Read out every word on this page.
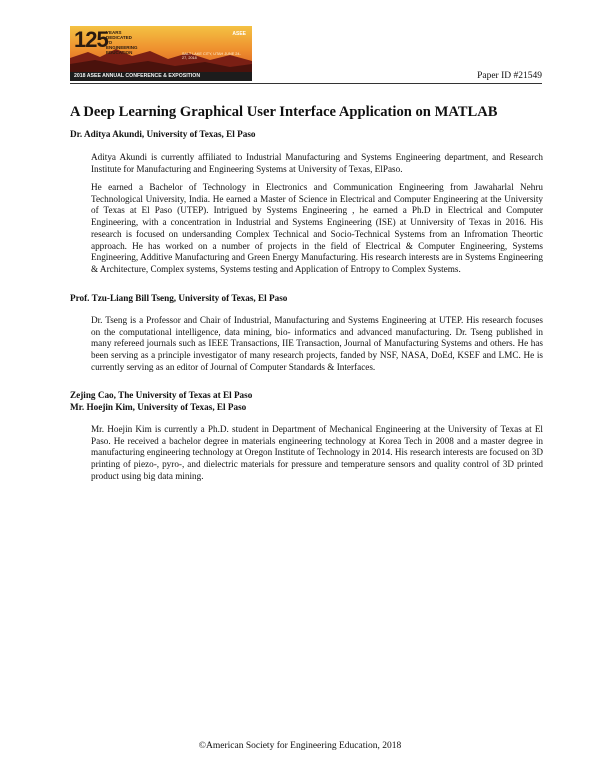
125
YEARS DEDICATED TO ENGINEERING EDUCATION	SALT LAKE CITY, UTAH JUNE 24-27, 2018
ASEE
2018 ASEE ANNUAL CONFERENCE & EXPOSITION	Paper ID #21549
A Deep Learning Graphical User Interface Application on MATLAB

Dr. Aditya Akundi, University of Texas, El Paso

Aditya Akundi is currently affiliated to Industrial Manufacturing and Systems Engineering department, and Research Institute for Manufacturing and Engineering Systems at University of Texas, ElPaso.

He earned a Bachelor of Technology in Electronics and Communication Engineering from Jawaharlal Nehru Technological University, India. He earned a Master of Science in Electrical and Computer Engineering at the University of Texas at El Paso (UTEP). Intrigued by Systems Engineering , he earned a Ph.D in Electrical and Computer Engineering, with a concentration in Industrial and Systems Engineering (ISE) at Unniversity of Texas in 2016. His research is focused on undersanding Complex Technical and Socio-Technical Systems from an Infromation Theortic approach. He has worked on a number of projects in the field of Electrical & Computer Engineering, Systems Engineering, Additive Manufacturing and Green Energy Manufacturing. His research interests are in Systems Engineering & Architecture, Complex systems, Systems testing and Application of Entropy to Complex Systems.

Prof. Tzu-Liang Bill Tseng, University of Texas, El Paso

Dr. Tseng is a Professor and Chair of Industrial, Manufacturing and Systems Engineering at UTEP. His research focuses on the computational intelligence, data mining, bio- informatics and advanced manufacturing. Dr. Tseng published in many refereed journals such as IEEE Transactions, IIE Transaction, Journal of Manufacturing Systems and others. He has been serving as a principle investigator of many research projects, fanded by NSF, NASA, DoEd, KSEF and LMC. He is currently serving as an editor of Journal of Computer Standards & Interfaces.

Zejing Cao, The University of Texas at El Paso

Mr. Hoejin Kim, University of Texas, El Paso

Mr. Hoejin Kim is currently a Ph.D. student in Department of Mechanical Engineering at the University of Texas at El Paso. He received a bachelor degree in materials engineering technology at Korea Tech in 2008 and a master degree in manufacturing engineering technology at Oregon Institute of Technology in 2014. His research interests are focused on 3D printing of piezo-, pyro-, and dielectric materials for pressure and temperature sensors and quality control of 3D printed product using big data mining.

©American Society for Engineering Education, 2018
